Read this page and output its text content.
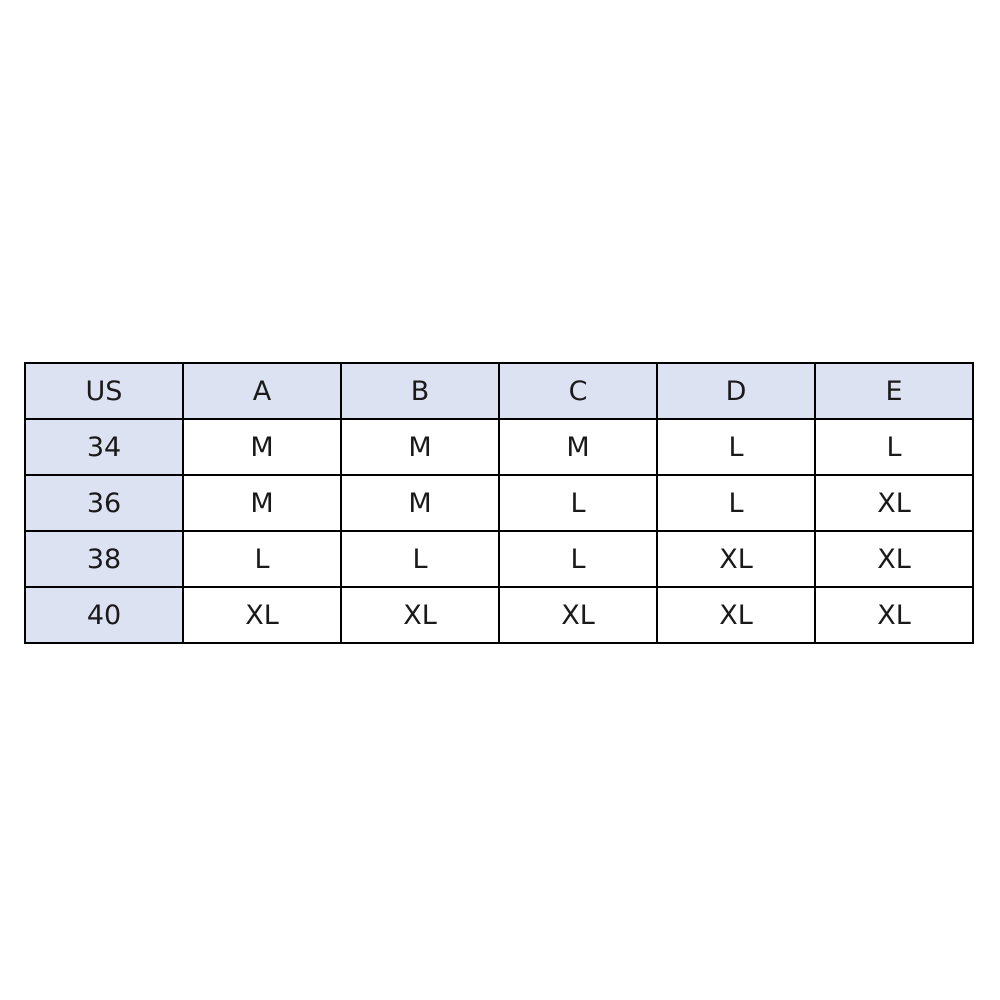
US	A	B	C	D	E
34	M	M	M	L	L
36	M	M	L	L	XL
38	L	L	L	XL	XL
40	XL	XL	XL	XL	XL
